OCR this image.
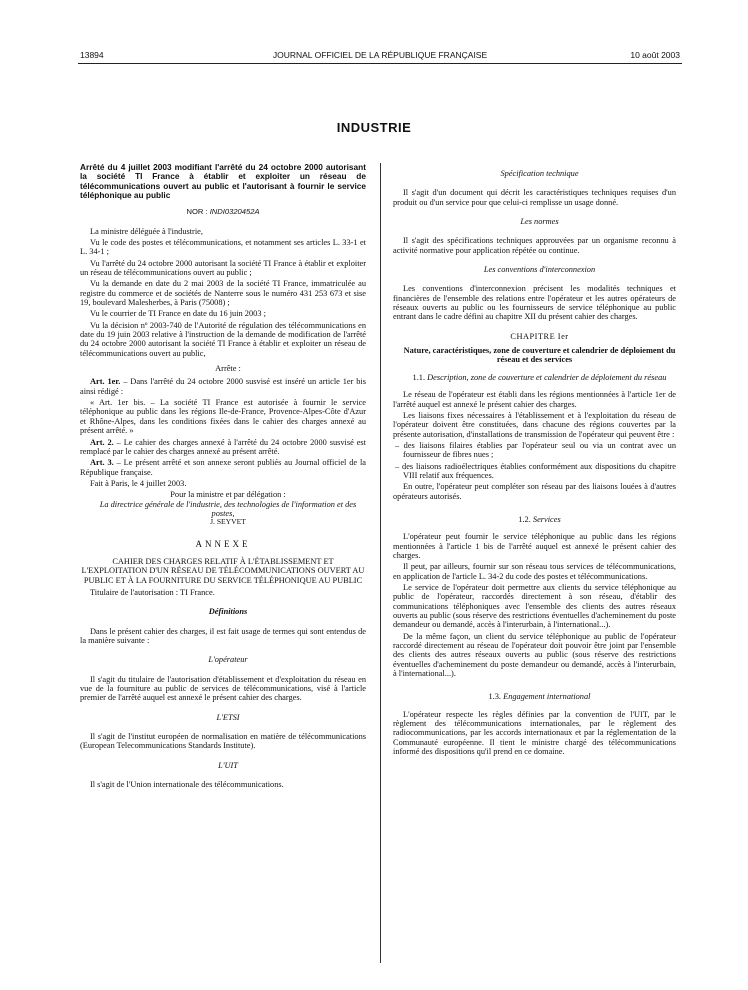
13894	JOURNAL OFFICIEL DE LA RÉPUBLIQUE FRANÇAISE	10 août 2003
INDUSTRIE
Arrêté du 4 juillet 2003 modifiant l'arrêté du 24 octobre 2000 autorisant la société TI France à établir et exploiter un réseau de télécommunications ouvert au public et l'autorisant à fournir le service téléphonique au public
NOR : INDI0320452A

La ministre déléguée à l'industrie,

Vu le code des postes et télécommunications, et notamment ses articles L. 33-1 et L. 34-1 ;

Vu l'arrêté du 24 octobre 2000 autorisant la société TI France à établir et exploiter un réseau de télécommunications ouvert au public ;

Vu la demande en date du 2 mai 2003 de la société TI France, immatriculée au registre du commerce et de sociétés de Nanterre sous le numéro 431 253 673 et sise 19, boulevard Malesherbes, à Paris (75008) ;

Vu le courrier de TI France en date du 16 juin 2003 ;

Vu la décision nº 2003-740 de l'Autorité de régulation des télécommunications en date du 19 juin 2003 relative à l'instruction de la demande de modification de l'arrêté du 24 octobre 2000 autorisant la société TI France à établir et exploiter un réseau de télécommunications ouvert au public,

Arrête :

Art. 1er. – Dans l'arrêté du 24 octobre 2000 susvisé est inséré un article 1er bis ainsi rédigé :

« Art. 1er bis. – La société TI France est autorisée à fournir le service téléphonique au public dans les régions Ile-de-France, Provence-Alpes-Côte d'Azur et Rhône-Alpes, dans les conditions fixées dans le cahier des charges annexé au présent arrêté. »

Art. 2. – Le cahier des charges annexé à l'arrêté du 24 octobre 2000 susvisé est remplacé par le cahier des charges annexé au présent arrêté.

Art. 3. – Le présent arrêté et son annexe seront publiés au Journal officiel de la République française.

Fait à Paris, le 4 juillet 2003.

Pour la ministre et par délégation :

La directrice générale de l'industrie, des technologies de l'information et des postes,

J. SEYVET

ANNEXE

CAHIER DES CHARGES RELATIF À L'ÉTABLISSEMENT ET L'EXPLOITATION D'UN RÉSEAU DE TÉLÉCOMMUNICATIONS OUVERT AU PUBLIC ET À LA FOURNITURE DU SERVICE TÉLÉPHONIQUE AU PUBLIC

Titulaire de l'autorisation : TI France.

Définitions

Dans le présent cahier des charges, il est fait usage de termes qui sont entendus de la manière suivante :

L'opérateur

Il s'agit du titulaire de l'autorisation d'établissement et d'exploitation du réseau en vue de la fourniture au public de services de télécommunications, visé à l'article premier de l'arrêté auquel est annexé le présent cahier des charges.

L'ETSI

Il s'agit de l'institut européen de normalisation en matière de télécommunications (European Telecommunications Standards Institute).

L'UIT

Il s'agit de l'Union internationale des télécommunications.

Spécification technique

Il s'agit d'un document qui décrit les caractéristiques techniques requises d'un produit ou d'un service pour que celui-ci remplisse un usage donné.

Les normes

Il s'agit des spécifications techniques approuvées par un organisme reconnu à activité normative pour application répétée ou continue.

Les conventions d'interconnexion

Les conventions d'interconnexion précisent les modalités techniques et financières de l'ensemble des relations entre l'opérateur et les autres opérateurs de réseaux ouverts au public ou les fournisseurs de service téléphonique au public entrant dans le cadre défini au chapitre XII du présent cahier des charges.

CHAPITRE Ier

Nature, caractéristiques, zone de couverture et calendrier de déploiement du réseau et des services

1.1. Description, zone de couverture et calendrier de déploiement du réseau

Le réseau de l'opérateur est établi dans les régions mentionnées à l'article 1er de l'arrêté auquel est annexé le présent cahier des charges.

Les liaisons fixes nécessaires à l'établissement et à l'exploitation du réseau de l'opérateur doivent être constituées, dans chacune des régions couvertes par la présente autorisation, d'installations de transmission de l'opérateur qui peuvent être :

– des liaisons filaires établies par l'opérateur seul ou via un contrat avec un fournisseur de fibres nues ;
– des liaisons radioélectriques établies conformément aux dispositions du chapitre VIII relatif aux fréquences.

En outre, l'opérateur peut compléter son réseau par des liaisons louées à d'autres opérateurs autorisés.

1.2. Services

L'opérateur peut fournir le service téléphonique au public dans les régions mentionnées à l'article 1 bis de l'arrêté auquel est annexé le présent cahier des charges.

Il peut, par ailleurs, fournir sur son réseau tous services de télécommunications, en application de l'article L. 34-2 du code des postes et télécommunications.

Le service de l'opérateur doit permettre aux clients du service téléphonique au public de l'opérateur, raccordés directement à son réseau, d'établir des communications téléphoniques avec l'ensemble des clients des autres réseaux ouverts au public (sous réserve des restrictions éventuelles d'acheminement du poste demandeur ou demandé, accès à l'interurbain, à l'international...).

De la même façon, un client du service téléphonique au public de l'opérateur raccordé directement au réseau de l'opérateur doit pouvoir être joint par l'ensemble des clients des autres réseaux ouverts au public (sous réserve des restrictions éventuelles d'acheminement du poste demandeur ou demandé, accès à l'interurbain, à l'international...).

1.3. Engagement international

L'opérateur respecte les règles définies par la convention de l'UIT, par le règlement des télécommunications internationales, par le règlement des radiocommunications, par les accords internationaux et par la réglementation de la Communauté européenne. Il tient le ministre chargé des télécommunications informé des dispositions qu'il prend en ce domaine.
